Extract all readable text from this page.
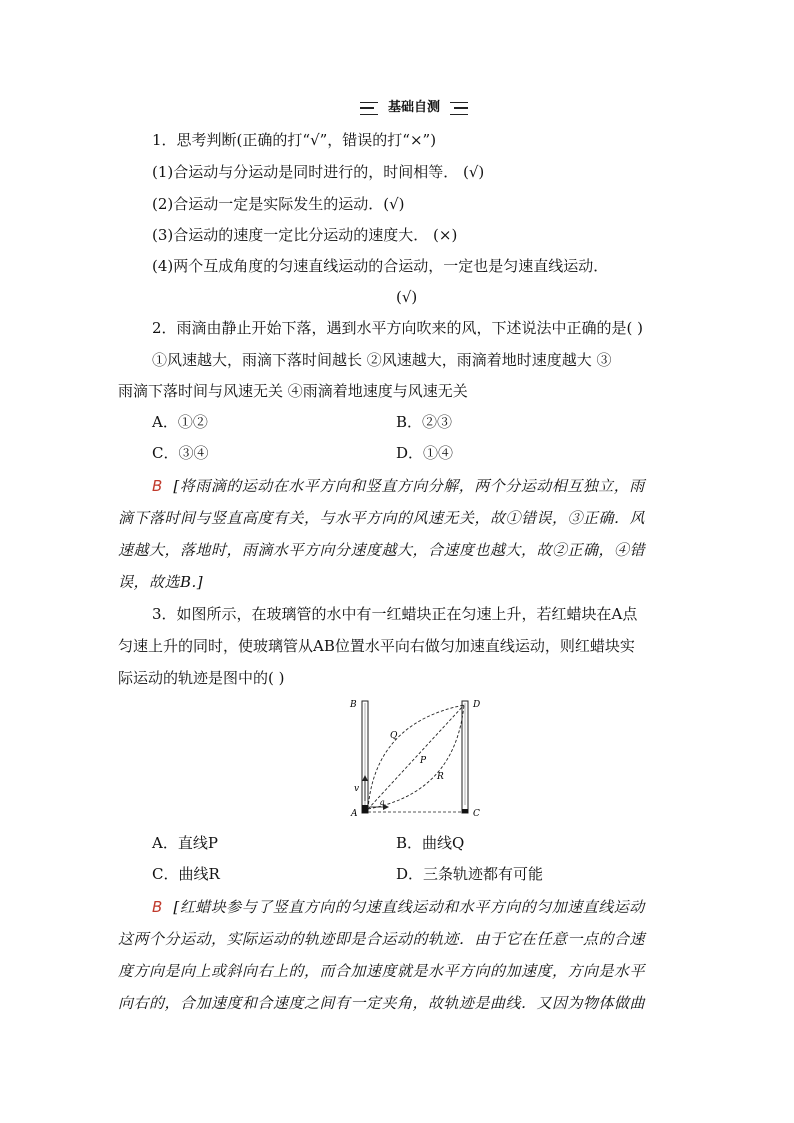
基础自测
1．思考判断(正确的打“√”，错误的打“×”)
(1)合运动与分运动是同时进行的，时间相等． (√)
(2)合运动一定是实际发生的运动．(√)
(3)合运动的速度一定比分运动的速度大． (×)
(4)两个互成角度的匀速直线运动的合运动，一定也是匀速直线运动．
(√)
2．雨滴由静止开始下落，遇到水平方向吹来的风，下述说法中正确的是( )
①风速越大，雨滴下落时间越长 ②风速越大，雨滴着地时速度越大 ③
雨滴下落时间与风速无关 ④雨滴着地速度与风速无关
A．①②	B．②③
C．③④	D．①④
B [将雨滴的运动在水平方向和竖直方向分解，两个分运动相互独立，雨
滴下落时间与竖直高度有关，与水平方向的风速无关，故①错误，③正确．风
速越大，落地时，雨滴水平方向分速度越大，合速度也越大，故②正确，④错
误，故选B.]
3．如图所示，在玻璃管的水中有一红蜡块正在匀速上升，若红蜡块在A点
匀速上升的同时，使玻璃管从AB位置水平向右做匀加速直线运动，则红蜡块实
际运动的轨迹是图中的( )
B	D
Q
P
R
v
a
A	C
A．直线P	B．曲线Q
C．曲线R	D．三条轨迹都有可能
B [红蜡块参与了竖直方向的匀速直线运动和水平方向的匀加速直线运动
这两个分运动，实际运动的轨迹即是合运动的轨迹．由于它在任意一点的合速
度方向是向上或斜向右上的，而合加速度就是水平方向的加速度，方向是水平
向右的，合加速度和合速度之间有一定夹角，故轨迹是曲线．又因为物体做曲
